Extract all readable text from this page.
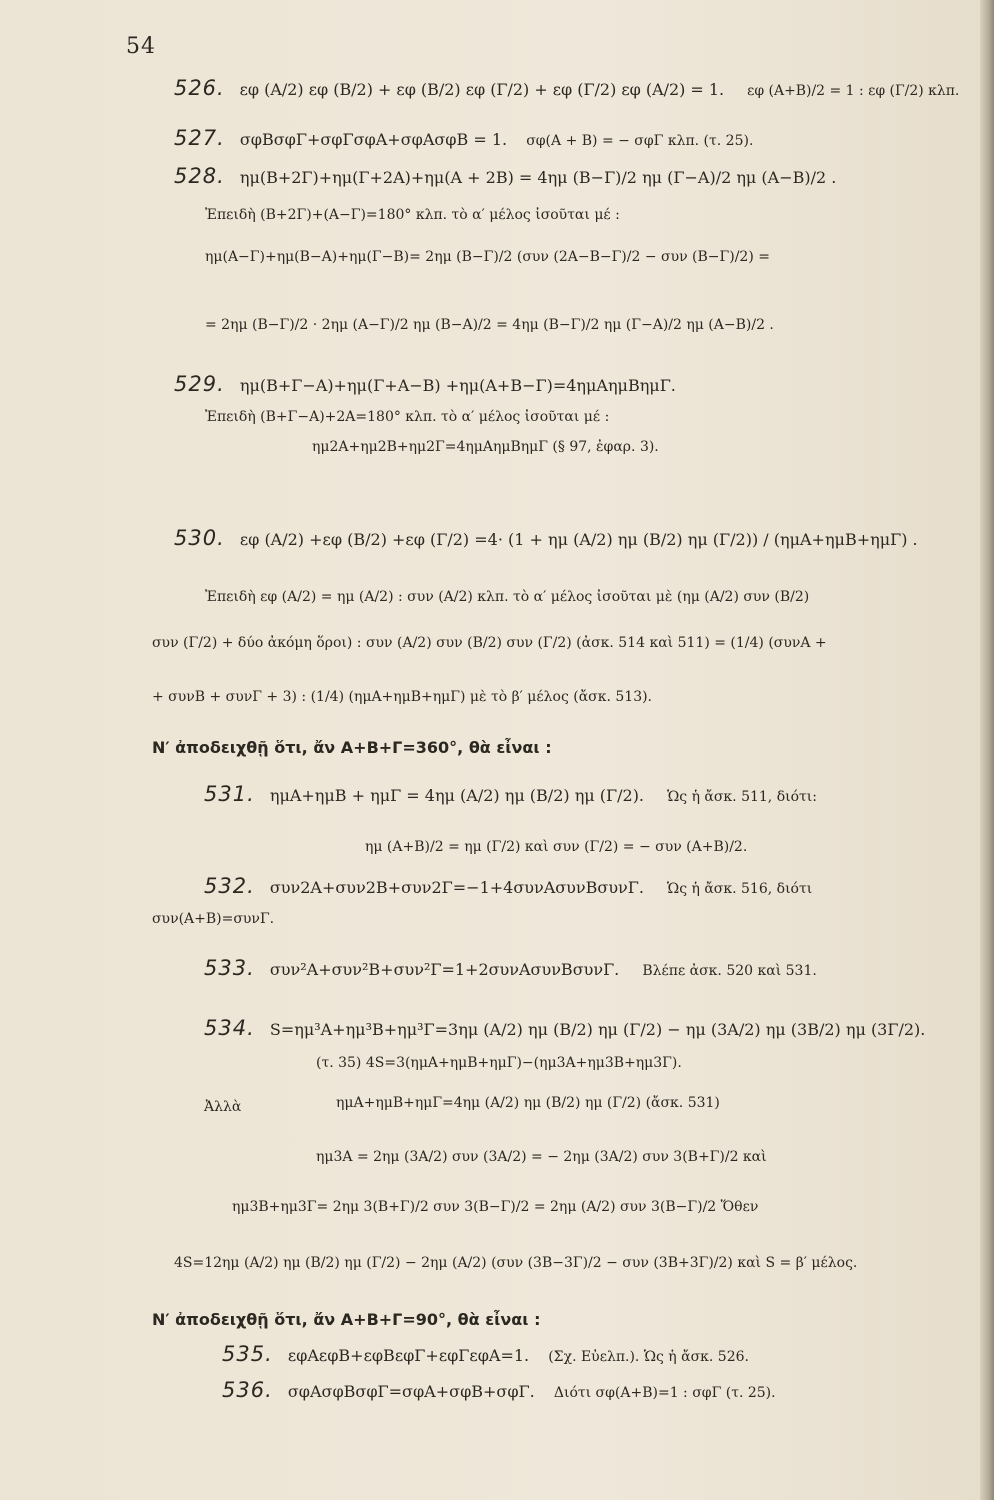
54
526. εφ (Α/2) εφ (Β/2) + εφ (Β/2) εφ (Γ/2) + εφ (Γ/2) εφ (Α/2) = 1. εφ (Α+Β)/2 = 1 : εφ (Γ/2) κλπ.
527. σφΒσφΓ+σφΓσφΑ+σφΑσφΒ = 1. σφ(Α + Β) = − σφΓ κλπ. (τ. 25).
528. ημ(Β+2Γ)+ημ(Γ+2Α)+ημ(Α + 2Β) = 4ημ (Β−Γ)/2 ημ (Γ−Α)/2 ημ (Α−Β)/2 .
Ἐπειδὴ (Β+2Γ)+(Α−Γ)=180° κλπ. τὸ α′ μέλος ἰσοῦται μέ :
ημ(Α−Γ)+ημ(Β−Α)+ημ(Γ−Β)= 2ημ (Β−Γ)/2 (συν (2Α−Β−Γ)/2 − συν (Β−Γ)/2) =
= 2ημ (Β−Γ)/2 · 2ημ (Α−Γ)/2 ημ (Β−Α)/2 = 4ημ (Β−Γ)/2 ημ (Γ−Α)/2 ημ (Α−Β)/2 .
529. ημ(Β+Γ−Α)+ημ(Γ+Α−Β) +ημ(Α+Β−Γ)=4ημΑημΒημΓ.
Ἐπειδὴ (Β+Γ−Α)+2Α=180° κλπ. τὸ α′ μέλος ἰσοῦται μέ :
ημ2Α+ημ2Β+ημ2Γ=4ημΑημΒημΓ (§ 97, ἐφαρ. 3).
530. εφ (Α/2) +εφ (Β/2) +εφ (Γ/2) =4· (1 + ημ (Α/2) ημ (Β/2) ημ (Γ/2)) / (ημΑ+ημΒ+ημΓ) .
Ἐπειδὴ εφ (Α/2) = ημ (Α/2) : συν (Α/2) κλπ. τὸ α′ μέλος ἰσοῦται μὲ (ημ (Α/2) συν (Β/2)
συν (Γ/2) + δύο ἀκόμη ὅροι) : συν (Α/2) συν (Β/2) συν (Γ/2) (ἀσκ. 514 καὶ 511) = (1/4) (συνΑ +
+ συνΒ + συνΓ + 3) : (1/4) (ημΑ+ημΒ+ημΓ) μὲ τὸ β′ μέλος (ἄσκ. 513).
Ν′ ἀποδειχθῇ ὅτι, ἄν Α+Β+Γ=360°, θὰ εἶναι :
531. ημΑ+ημΒ + ημΓ = 4ημ (Α/2) ημ (Β/2) ημ (Γ/2). Ὡς ἡ ἄσκ. 511, διότι:
ημ (Α+Β)/2 = ημ (Γ/2) καὶ συν (Γ/2) = − συν (Α+Β)/2.
532. συν2Α+συν2Β+συν2Γ=−1+4συνΑσυνΒσυνΓ. Ὡς ἡ ἄσκ. 516, διότι
συν(Α+Β)=συνΓ.
533. συν²Α+συν²Β+συν²Γ=1+2συνΑσυνΒσυνΓ. Βλέπε ἀσκ. 520 καὶ 531.
534. S=ημ³Α+ημ³Β+ημ³Γ=3ημ (Α/2) ημ (Β/2) ημ (Γ/2) − ημ (3Α/2) ημ (3Β/2) ημ (3Γ/2).
(τ. 35) 4S=3(ημΑ+ημΒ+ημΓ)−(ημ3Α+ημ3Β+ημ3Γ).
Ἀλλὰ	ημΑ+ημΒ+ημΓ=4ημ (Α/2) ημ (Β/2) ημ (Γ/2) (ἄσκ. 531)
ημ3Α = 2ημ (3Α/2) συν (3Α/2) = − 2ημ (3Α/2) συν 3(Β+Γ)/2 καὶ
ημ3Β+ημ3Γ= 2ημ 3(Β+Γ)/2 συν 3(Β−Γ)/2 = 2ημ (Α/2) συν 3(Β−Γ)/2 Ὅθεν
4S=12ημ (Α/2) ημ (Β/2) ημ (Γ/2) − 2ημ (Α/2) (συν (3Β−3Γ)/2 − συν (3Β+3Γ)/2) καὶ S = β′ μέλος.
Ν′ ἀποδειχθῇ ὅτι, ἄν Α+Β+Γ=90°, θὰ εἶναι :
535. εφΑεφΒ+εφΒεφΓ+εφΓεφΑ=1. (Σχ. Εὐελπ.). Ὡς ἡ ἄσκ. 526.
536. σφΑσφΒσφΓ=σφΑ+σφΒ+σφΓ. Διότι σφ(Α+Β)=1 : σφΓ (τ. 25).
